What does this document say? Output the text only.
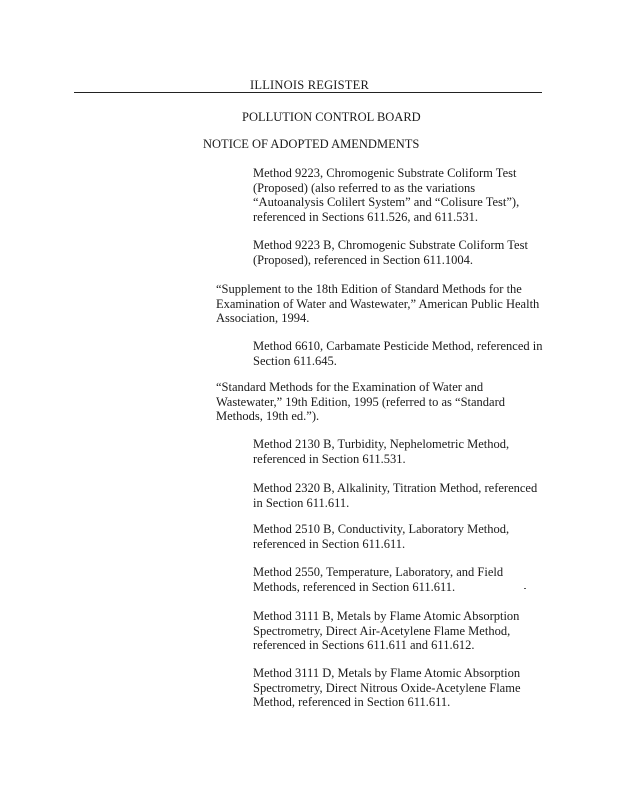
ILLINOIS REGISTER
POLLUTION CONTROL BOARD
NOTICE OF ADOPTED AMENDMENTS

Method 9223, Chromogenic Substrate Coliform Test (Proposed) (also referred to as the variations “Autoanalysis Colilert System” and “Colisure Test”), referenced in Sections 611.526, and 611.531.

Method 9223 B, Chromogenic Substrate Coliform Test (Proposed), referenced in Section 611.1004.

“Supplement to the 18th Edition of Standard Methods for the Examination of Water and Wastewater,” American Public Health Association, 1994.

Method 6610, Carbamate Pesticide Method, referenced in Section 611.645.

“Standard Methods for the Examination of Water and Wastewater,” 19th Edition, 1995 (referred to as “Standard Methods, 19th ed.”).

Method 2130 B, Turbidity, Nephelometric Method, referenced in Section 611.531.

Method 2320 B, Alkalinity, Titration Method, referenced in Section 611.611.

Method 2510 B, Conductivity, Laboratory Method, referenced in Section 611.611.

Method 2550, Temperature, Laboratory, and Field Methods, referenced in Section 611.611.

Method 3111 B, Metals by Flame Atomic Absorption Spectrometry, Direct Air-Acetylene Flame Method, referenced in Sections 611.611 and 611.612.

Method 3111 D, Metals by Flame Atomic Absorption Spectrometry, Direct Nitrous Oxide-Acetylene Flame Method, referenced in Section 611.611.
